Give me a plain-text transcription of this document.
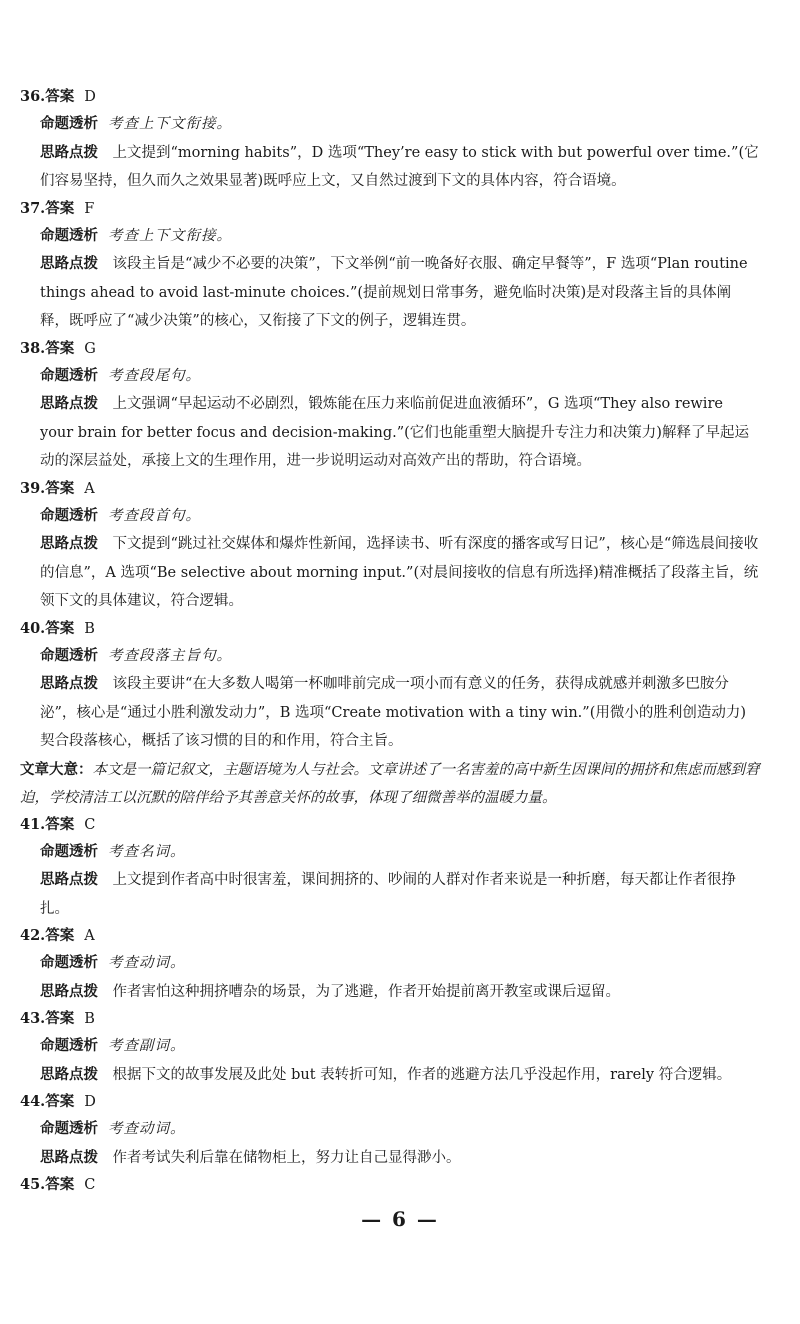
36.答案 D
命题透析 考查上下文衔接。
思路点拨　 上文提到“morning habits”，D 选项“They’re easy to stick with but powerful over time.”(它们容易坚持，但久而久之效果显著)既呼应上文，又自然过渡到下文的具体内容，符合语境。
37.答案 F
命题透析 考查上下文衔接。
思路点拨　 该段主旨是“减少不必要的决策”，下文举例“前一晚备好衣服、确定早餐等”，F 选项“Plan routine things ahead to avoid last-minute choices.”(提前规划日常事务，避免临时决策)是对段落主旨的具体阐释，既呼应了“减少决策”的核心，又衔接了下文的例子，逻辑连贯。
38.答案 G
命题透析 考查段尾句。
思路点拨　 上文强调“早起运动不必剧烈，锻炼能在压力来临前促进血液循环”，G 选项“They also rewire your brain for better focus and decision-making.”(它们也能重塑大脑提升专注力和决策力)解释了早起运动的深层益处，承接上文的生理作用，进一步说明运动对高效产出的帮助，符合语境。
39.答案 A
命题透析 考查段首句。
思路点拨　 下文提到“跳过社交媒体和爆炸性新闻，选择读书、听有深度的播客或写日记”，核心是“筛选晨间接收的信息”，A 选项“Be selective about morning input.”(对晨间接收的信息有所选择)精准概括了段落主旨，统领下文的具体建议，符合逻辑。
40.答案 B
命题透析 考查段落主旨句。
思路点拨　 该段主要讲“在大多数人喝第一杯咖啡前完成一项小而有意义的任务，获得成就感并刺激多巴胺分泌”，核心是“通过小胜利激发动力”，B 选项“Create motivation with a tiny win.”(用微小的胜利创造动力)契合段落核心，概括了该习惯的目的和作用，符合主旨。
文章大意：本文是一篇记叙文，主题语境为人与社会。文章讲述了一名害羞的高中新生因课间的拥挤和焦虑而感到窘迫，学校清洁工以沉默的陪伴给予其善意关怀的故事，体现了细微善举的温暖力量。
41.答案 C
命题透析 考查名词。
思路点拨　 上文提到作者高中时很害羞，课间拥挤的、吵闹的人群对作者来说是一种折磨，每天都让作者很挣扎。
42.答案 A
命题透析 考查动词。
思路点拨　 作者害怕这种拥挤嘈杂的场景，为了逃避，作者开始提前离开教室或课后逗留。
43.答案 B
命题透析 考查副词。
思路点拨　 根据下文的故事发展及此处 but 表转折可知，作者的逃避方法几乎没起作用，rarely 符合逻辑。
44.答案 D
命题透析 考查动词。
思路点拨　 作者考试失利后靠在储物柜上，努力让自己显得渺小。
45.答案 C
— 6 —
